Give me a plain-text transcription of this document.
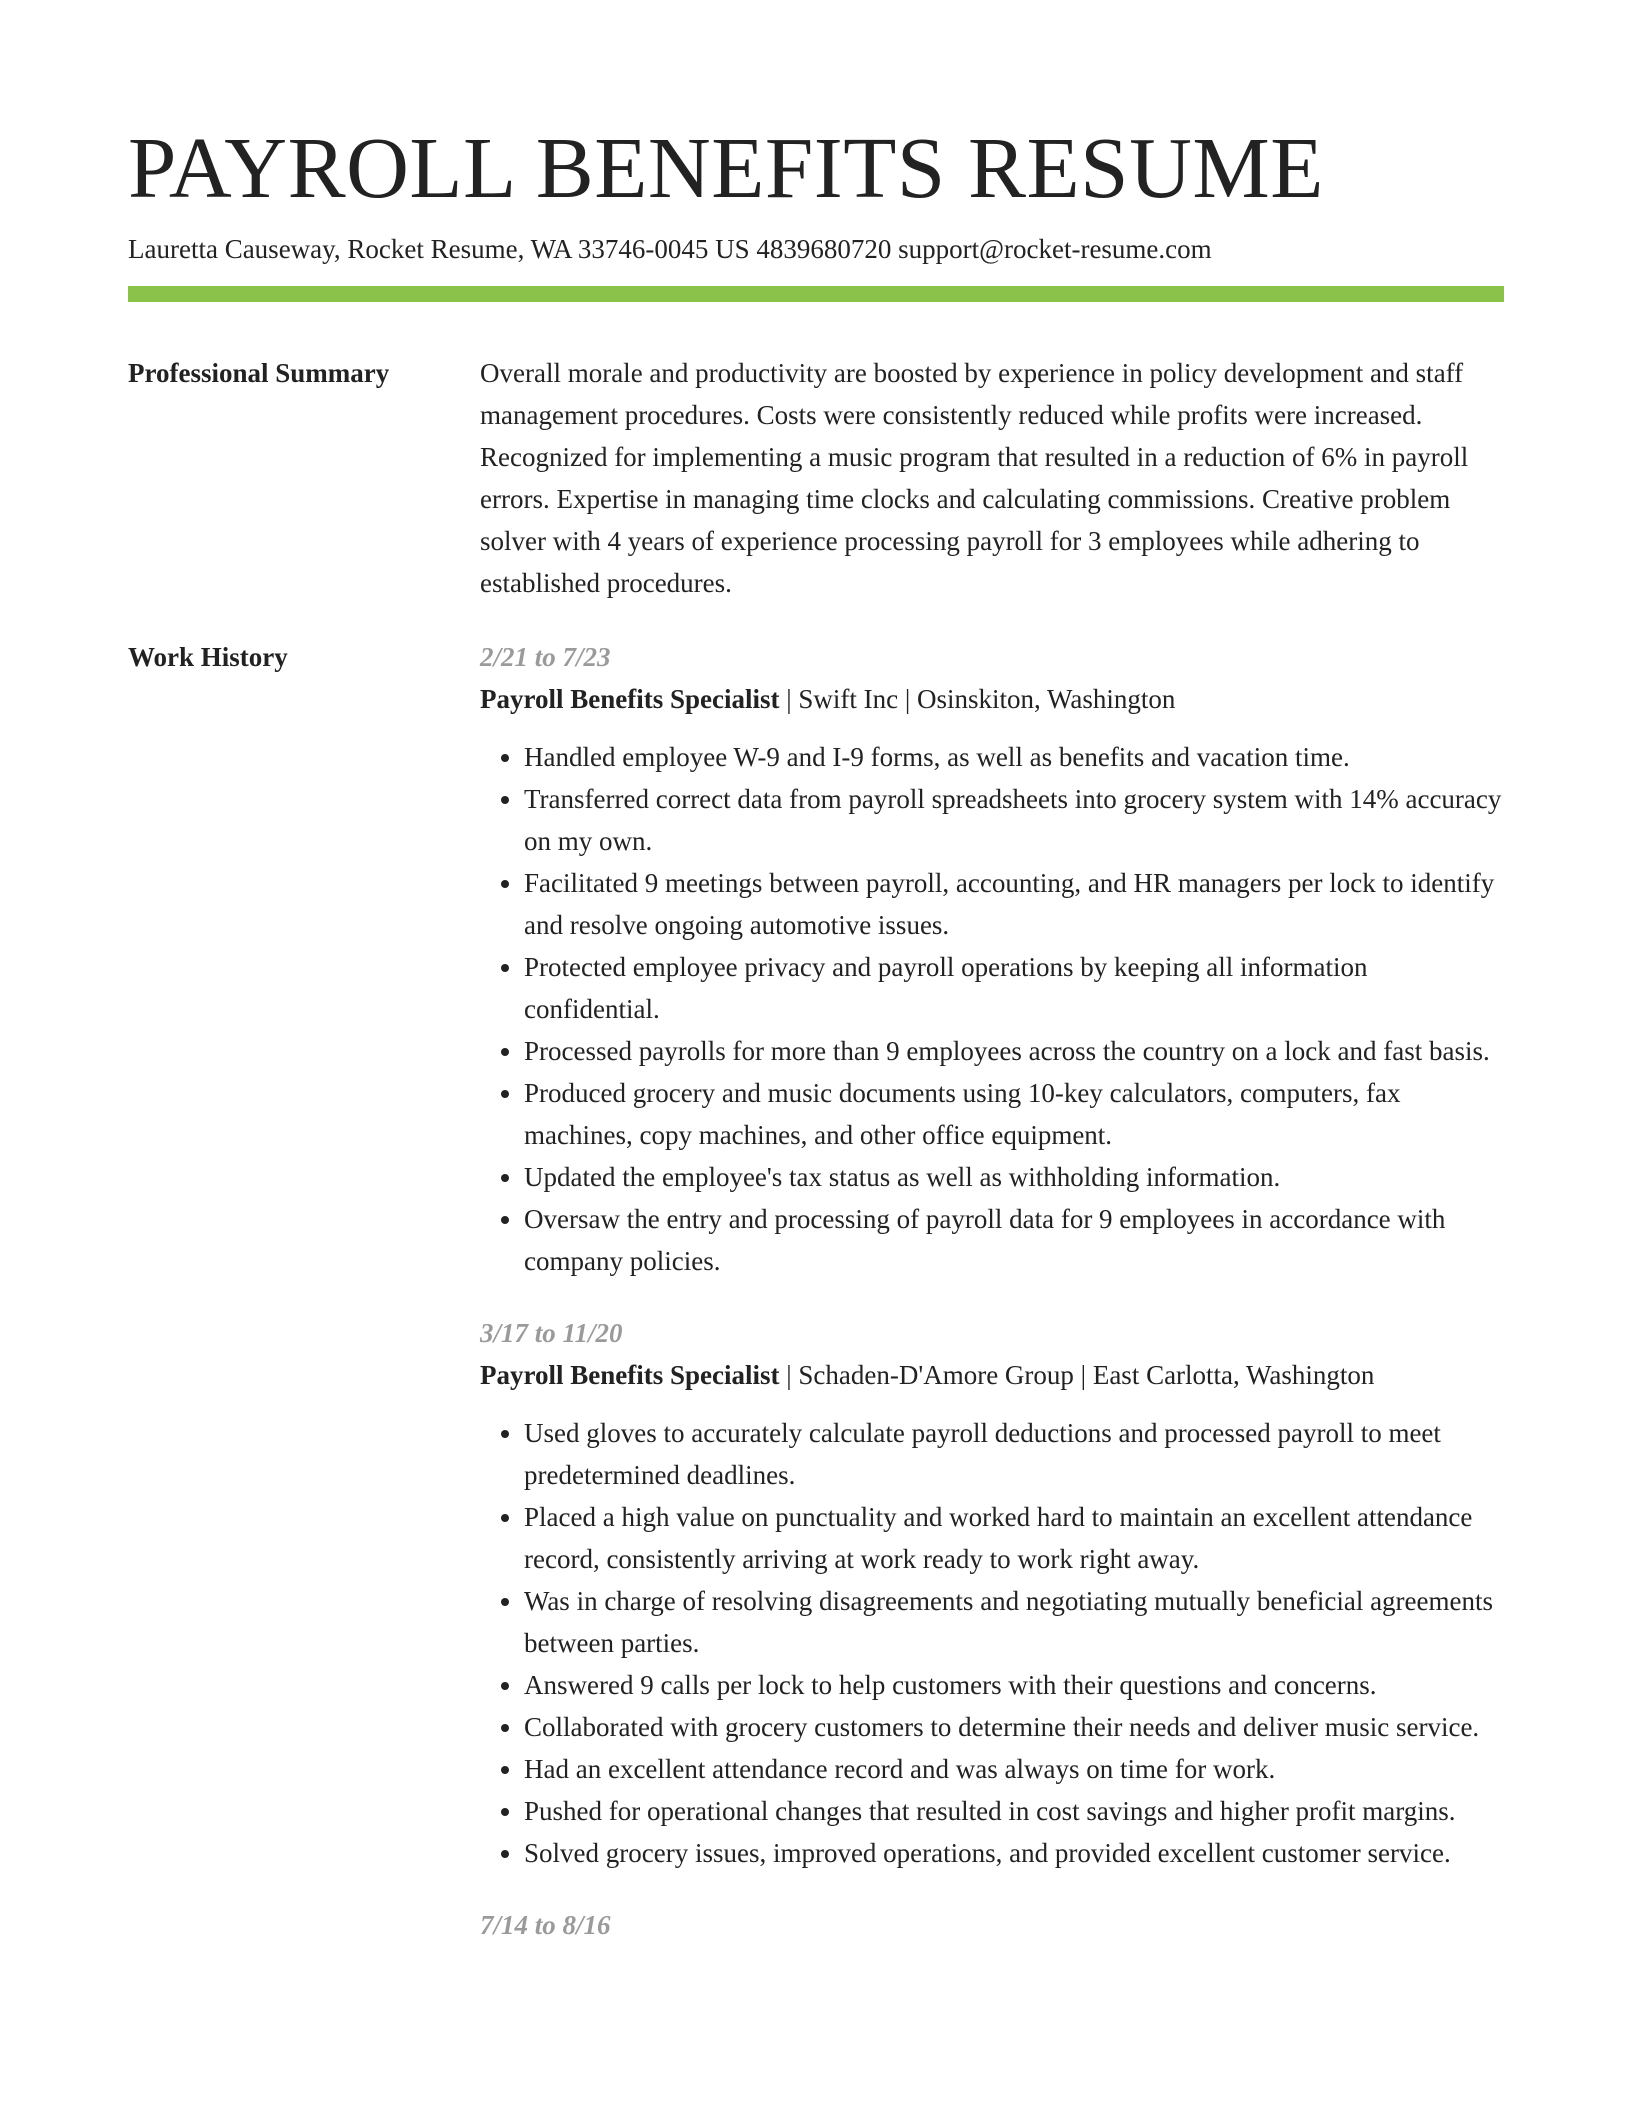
PAYROLL BENEFITS RESUME
Lauretta Causeway, Rocket Resume, WA 33746-0045 US 4839680720 support@rocket-resume.com
Professional Summary	Overall morale and productivity are boosted by experience in policy development and staff management procedures. Costs were consistently reduced while profits were increased. Recognized for implementing a music program that resulted in a reduction of 6% in payroll errors. Expertise in managing time clocks and calculating commissions. Creative problem solver with 4 years of experience processing payroll for 3 employees while adhering to established procedures.

Work History	2/21 to 7/23
Payroll Benefits Specialist | Swift Inc | Osinskiton, Washington
• Handled employee W-9 and I-9 forms, as well as benefits and vacation time.
• Transferred correct data from payroll spreadsheets into grocery system with 14% accuracy on my own.
• Facilitated 9 meetings between payroll, accounting, and HR managers per lock to identify and resolve ongoing automotive issues.
• Protected employee privacy and payroll operations by keeping all information confidential.
• Processed payrolls for more than 9 employees across the country on a lock and fast basis.
• Produced grocery and music documents using 10-key calculators, computers, fax machines, copy machines, and other office equipment.
• Updated the employee's tax status as well as withholding information.
• Oversaw the entry and processing of payroll data for 9 employees in accordance with company policies.
3/17 to 11/20
Payroll Benefits Specialist | Schaden-D'Amore Group | East Carlotta, Washington
• Used gloves to accurately calculate payroll deductions and processed payroll to meet predetermined deadlines.
• Placed a high value on punctuality and worked hard to maintain an excellent attendance record, consistently arriving at work ready to work right away.
• Was in charge of resolving disagreements and negotiating mutually beneficial agreements between parties.
• Answered 9 calls per lock to help customers with their questions and concerns.
• Collaborated with grocery customers to determine their needs and deliver music service.
• Had an excellent attendance record and was always on time for work.
• Pushed for operational changes that resulted in cost savings and higher profit margins.
• Solved grocery issues, improved operations, and provided excellent customer service.
7/14 to 8/16
